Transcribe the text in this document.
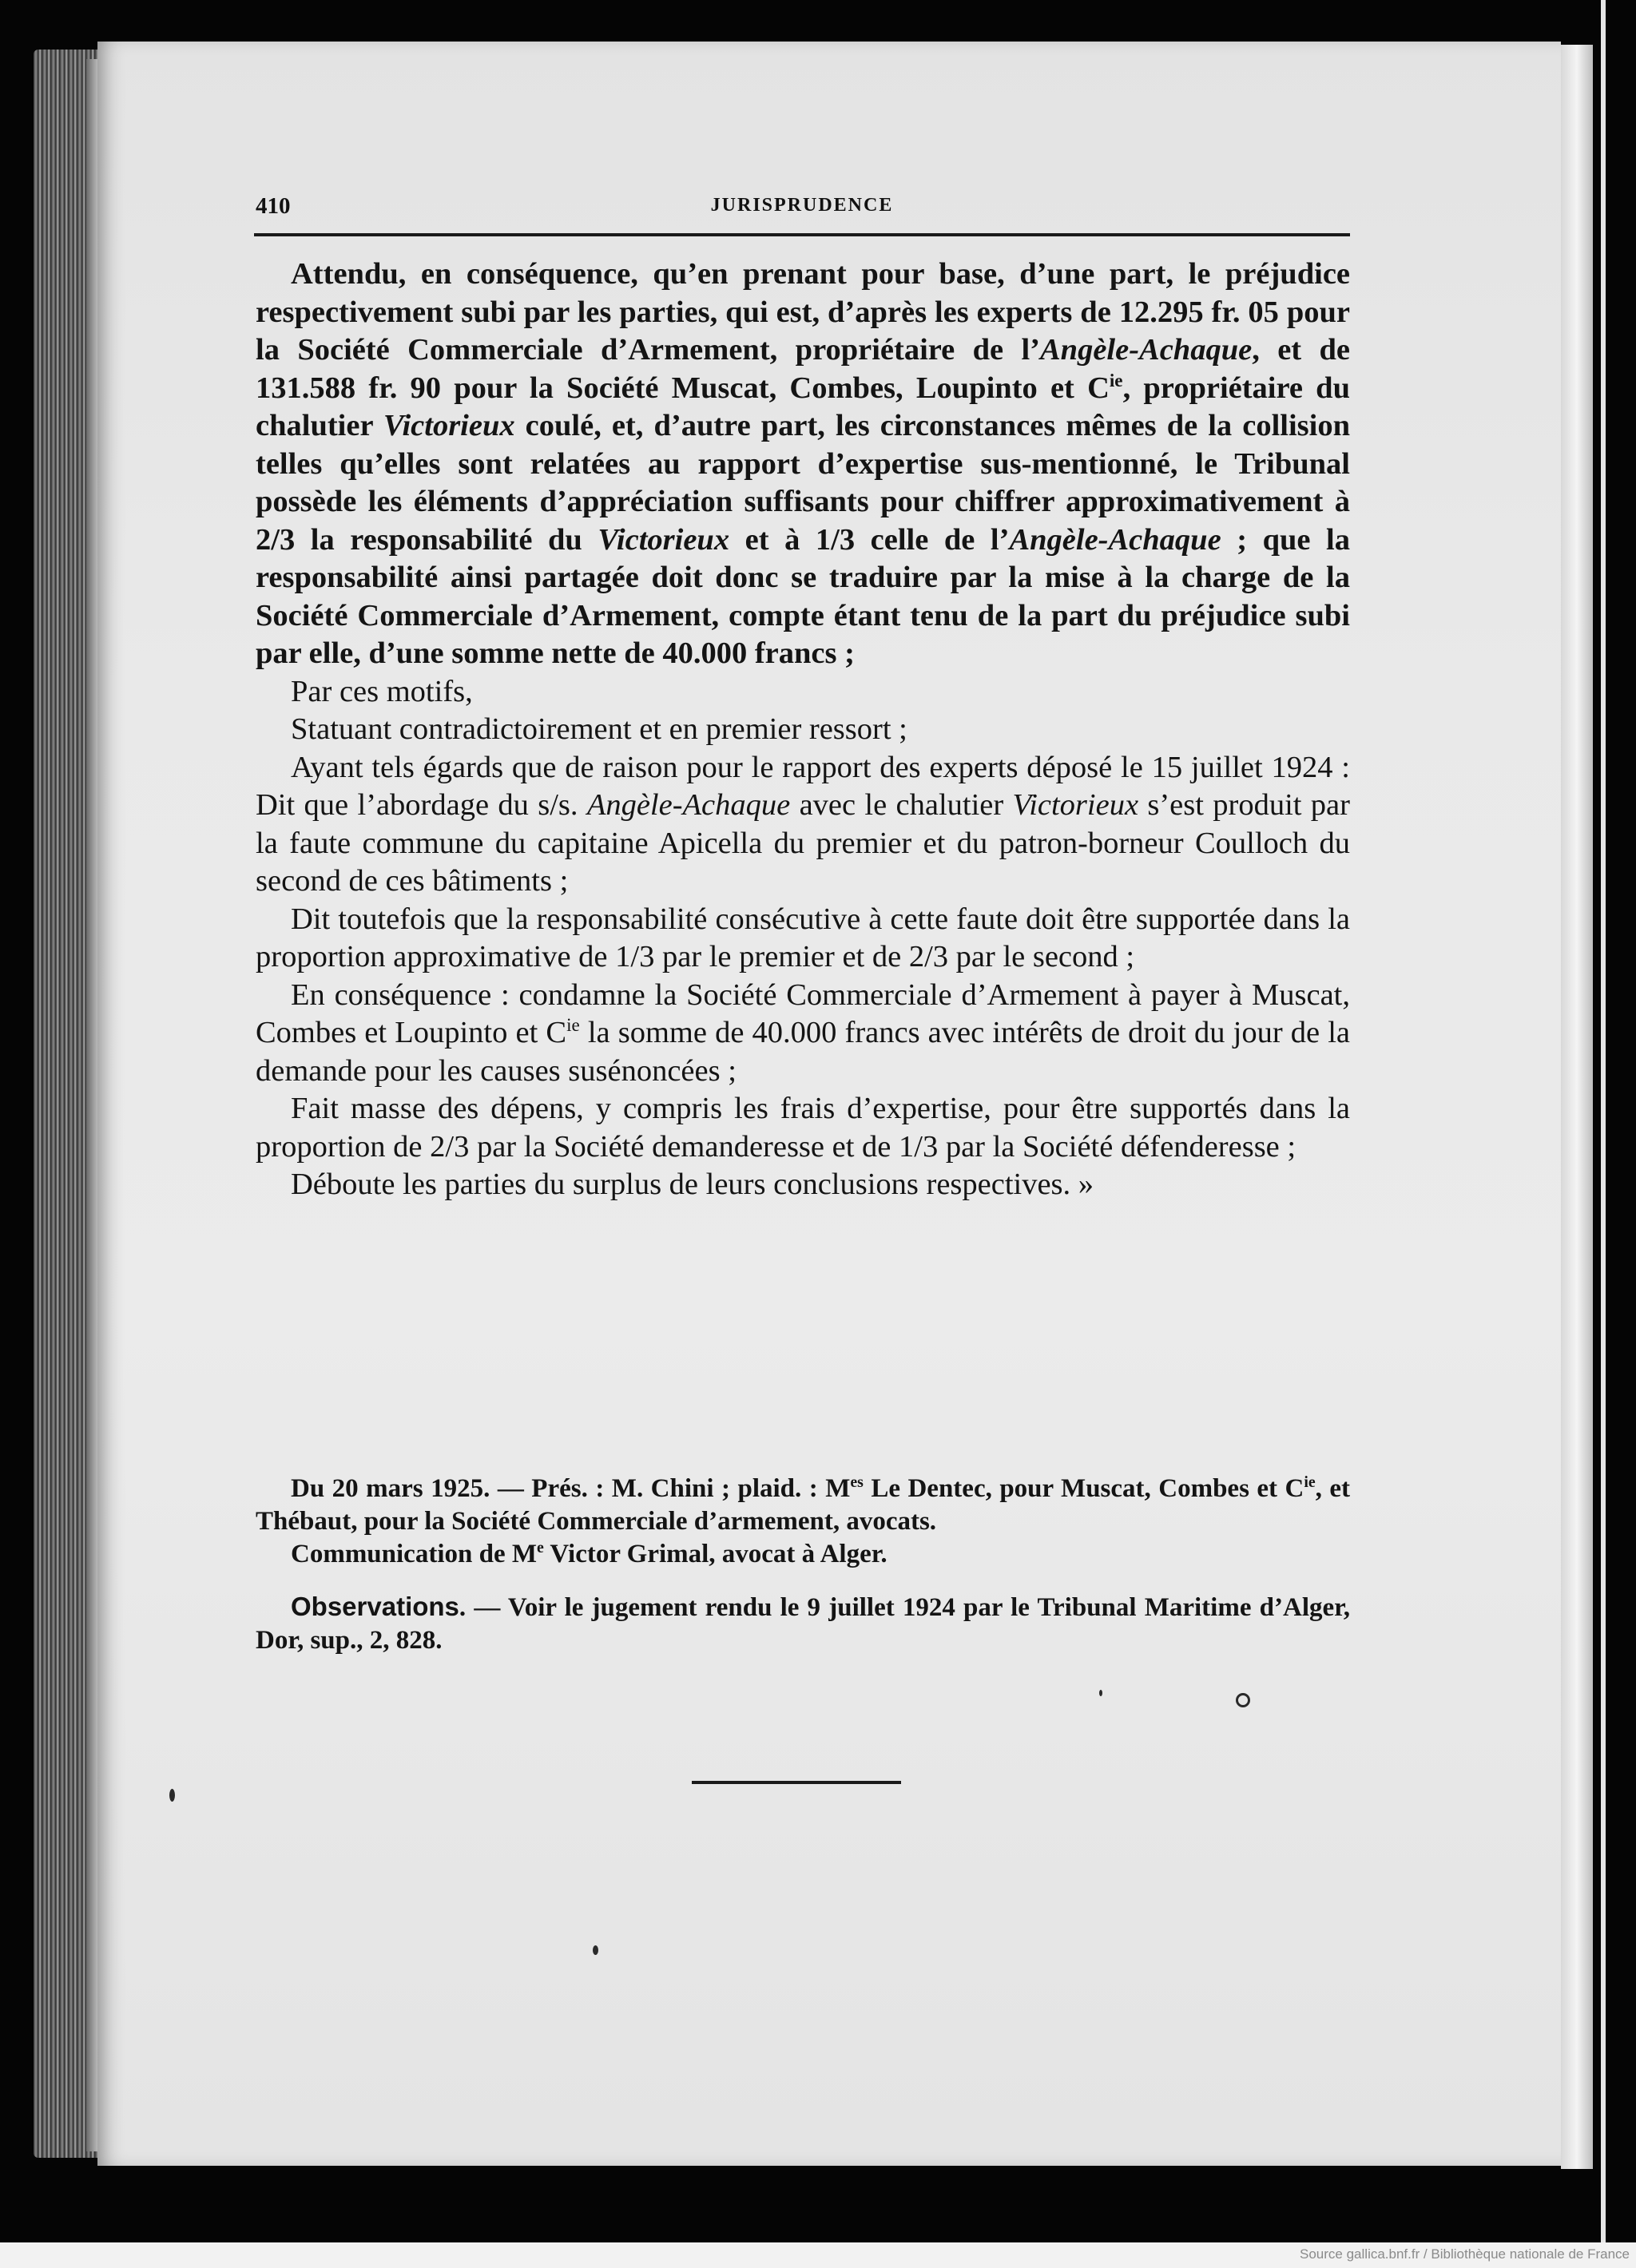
410	JURISPRUDENCE

Attendu, en conséquence, qu’en prenant pour base, d’une part, le préjudice respectivement subi par les parties, qui est, d’après les experts de 12.295 fr. 05 pour la Société Commerciale d’Armement, propriétaire de l’Angèle-Achaque, et de 131.588 fr. 90 pour la Société Muscat, Combes, Loupinto et $C^{ie}$, propriétaire du chalutier Victorieux coulé, et, d’autre part, les circonstances mêmes de la collision telles qu’elles sont relatées au rapport d’expertise sus-mentionné, le Tribunal possède les éléments d’appréciation suffisants pour chiffrer approximativement à 2/3 la responsabilité du Victorieux et à 1/3 celle de l’Angèle-Achaque ; que la responsabilité ainsi partagée doit donc se traduire par la mise à la charge de la Société Commerciale d’Armement, compte étant tenu de la part du préjudice subi par elle, d’une somme nette de 40.000 francs ;

Par ces motifs,

Statuant contradictoirement et en premier ressort ;

Ayant tels égards que de raison pour le rapport des experts déposé le 15 juillet 1924 : Dit que l’abordage du s/s. Angèle-Achaque avec le chalutier Victorieux s’est produit par la faute commune du capitaine Apicella du premier et du patron-borneur Coulloch du second de ces bâtiments ;

Dit toutefois que la responsabilité consécutive à cette faute doit être supportée dans la proportion approximative de 1/3 par le premier et de 2/3 par le second ;

En conséquence : condamne la Société Commerciale d’Armement à payer à Muscat, Combes et Loupinto et $C^{ie}$ la somme de 40.000 francs avec intérêts de droit du jour de la demande pour les causes susénoncées ;

Fait masse des dépens, y compris les frais d’expertise, pour être supportés dans la proportion de 2/3 par la Société demanderesse et de 1/3 par la Société défenderesse ;

Déboute les parties du surplus de leurs conclusions respectives. »

Du 20 mars 1925. — Prés. : M. Chini ; plaid. : $M^{es}$ Le Dentec, pour Muscat, Combes et $C^{ie}$, et Thébaut, pour la Société Commerciale d’armement, avocats.

Communication de Me Victor Grimal, avocat à Alger.

Observations. — Voir le jugement rendu le 9 juillet 1924 par le Tribunal Maritime d’Alger, Dor, sup., 2, 828.

Source gallica.bnf.fr / Bibliothèque nationale de France
